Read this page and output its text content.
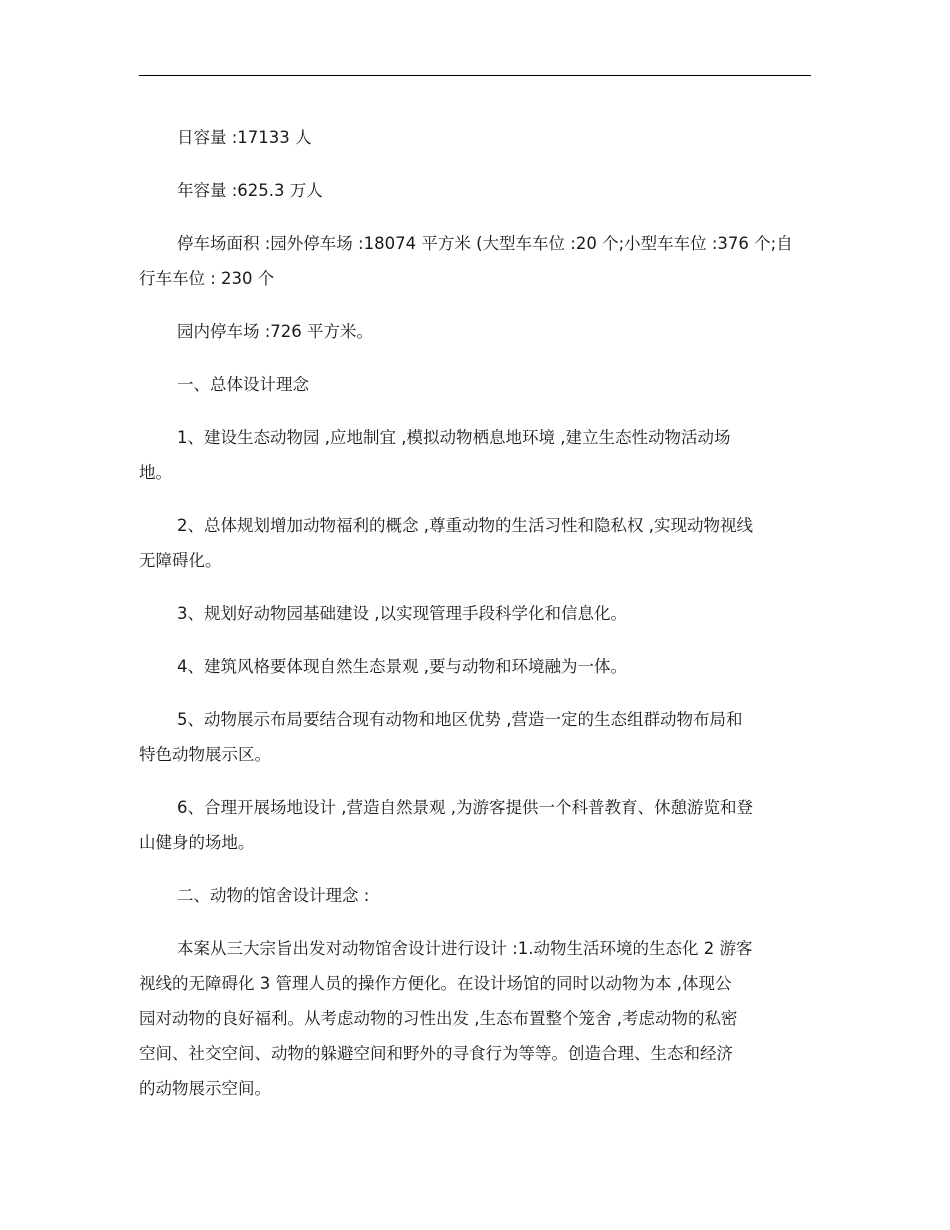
日容量 :17133 人
年容量 :625.3 万人
停车场面积 :园外停车场 :18074 平方米 (大型车车位 :20 个;小型车车位 :376 个;自
行车车位 : 230 个
园内停车场 :726 平方米。
一、总体设计理念
1、建设生态动物园 ,应地制宜 ,模拟动物栖息地环境 ,建立生态性动物活动场
地。
2、总体规划增加动物福利的概念 ,尊重动物的生活习性和隐私权 ,实现动物视线
无障碍化。
3、规划好动物园基础建设 ,以实现管理手段科学化和信息化。
4、建筑风格要体现自然生态景观 ,要与动物和环境融为一体。
5、动物展示布局要结合现有动物和地区优势 ,营造一定的生态组群动物布局和
特色动物展示区。
6、合理开展场地设计 ,营造自然景观 ,为游客提供一个科普教育、休憩游览和登
山健身的场地。
二、动物的馆舍设计理念 :
本案从三大宗旨出发对动物馆舍设计进行设计 :1.动物生活环境的生态化 2 游客
视线的无障碍化 3 管理人员的操作方便化。在设计场馆的同时以动物为本 ,体现公
园对动物的良好福利。从考虑动物的习性出发 ,生态布置整个笼舍 ,考虑动物的私密
空间、社交空间、动物的躲避空间和野外的寻食行为等等。创造合理、生态和经济
的动物展示空间。
